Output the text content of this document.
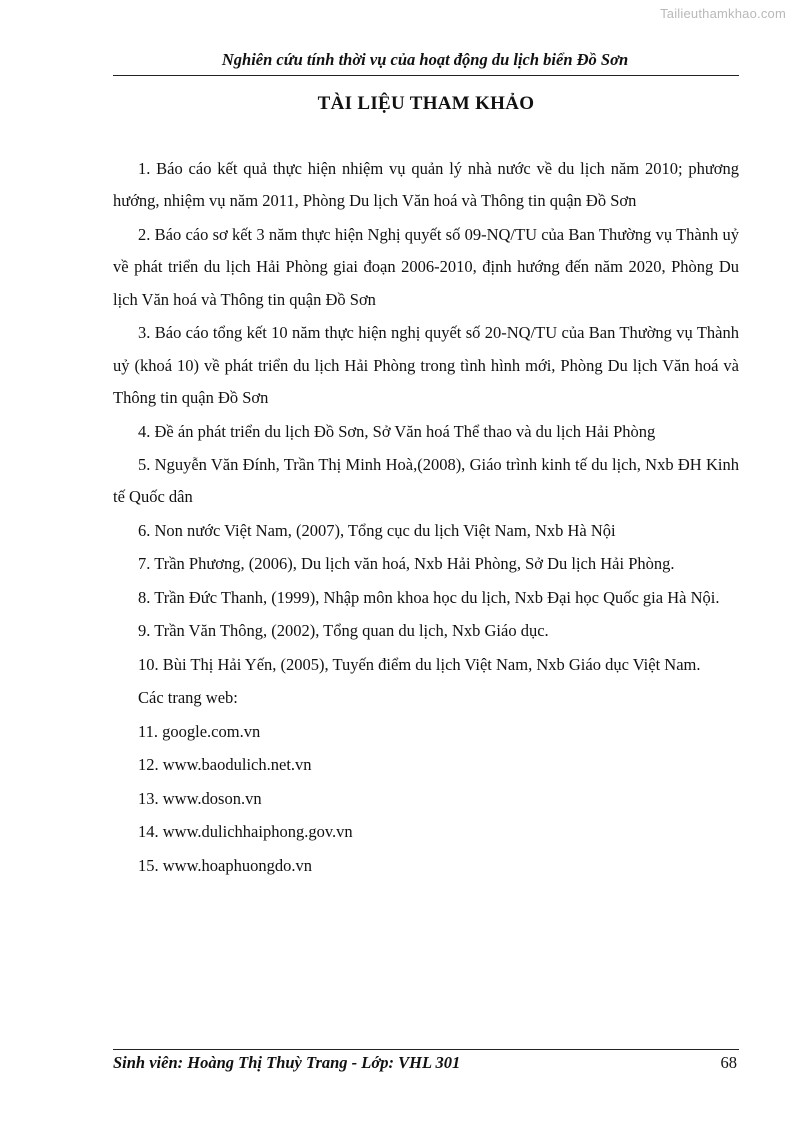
Tailieuthamkhao.com
Nghiên cứu tính thời vụ của hoạt động du lịch biển Đồ Sơn
TÀI LIỆU THAM KHẢO
1. Báo cáo kết quả thực hiện nhiệm vụ quản lý nhà nước về du lịch năm 2010; phương hướng, nhiệm vụ năm 2011, Phòng Du lịch Văn hoá và Thông tin quận Đồ Sơn
2. Báo cáo sơ kết 3 năm thực hiện Nghị quyết số 09-NQ/TU của Ban Thường vụ Thành uỷ về phát triển du lịch Hải Phòng giai đoạn 2006-2010, định hướng đến năm 2020, Phòng Du lịch Văn hoá và Thông tin quận Đồ Sơn
3. Báo cáo tổng kết 10 năm thực hiện nghị quyết số 20-NQ/TU của Ban Thường vụ Thành uỷ (khoá 10) về phát triển du lịch Hải Phòng trong tình hình mới, Phòng Du lịch Văn hoá và Thông tin quận Đồ Sơn
4. Đề án phát triển du lịch Đồ Sơn, Sở Văn hoá Thể thao và du lịch Hải Phòng
5. Nguyễn Văn Đính, Trần Thị Minh Hoà,(2008), Giáo trình kinh tế du lịch, Nxb ĐH Kinh tế Quốc dân
6. Non nước Việt Nam, (2007), Tổng cục du lịch Việt Nam, Nxb Hà Nội
7. Trần Phương, (2006), Du lịch văn hoá, Nxb Hải Phòng, Sở Du lịch Hải Phòng.
8. Trần Đức Thanh, (1999), Nhập môn khoa học du lịch, Nxb Đại học Quốc gia Hà Nội.
9. Trần Văn Thông, (2002), Tổng quan du lịch, Nxb Giáo dục.
10. Bùi Thị Hải Yến, (2005), Tuyến điểm du lịch Việt Nam, Nxb Giáo dục Việt Nam.
Các trang web:
11. google.com.vn
12. www.baodulich.net.vn
13. www.doson.vn
14. www.dulichhaiphong.gov.vn
15. www.hoaphuongdo.vn
Sinh viên: Hoàng Thị Thuỳ Trang - Lớp: VHL 301	68
